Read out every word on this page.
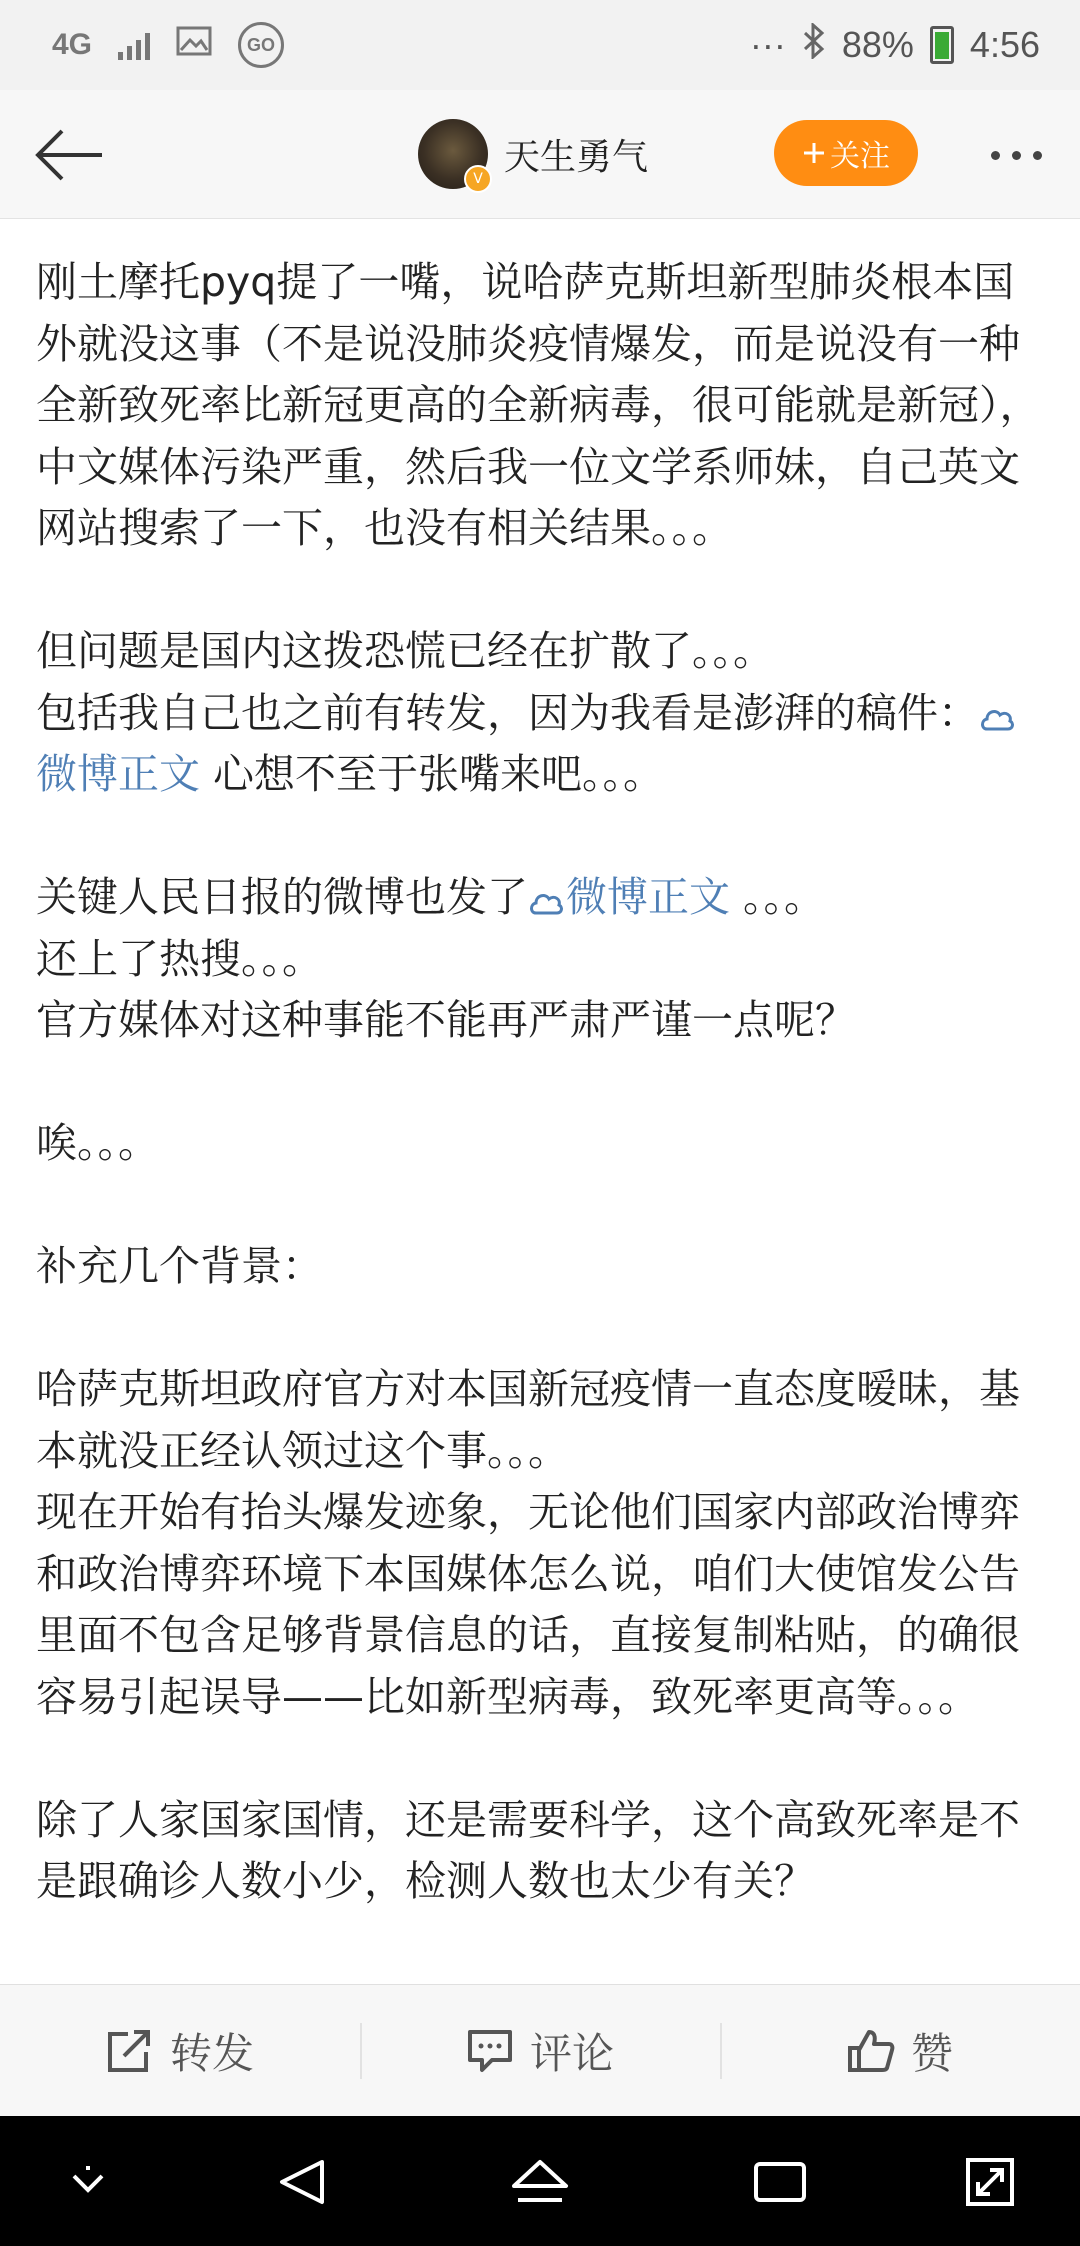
4G	GO	··· 88% 4:56
V
天生勇气	关注

刚土摩托pyq提了一嘴，说哈萨克斯坦新型肺炎根本国外就没这事（不是说没肺炎疫情爆发，而是说没有一种全新致死率比新冠更高的全新病毒，很可能就是新冠），中文媒体污染严重，然后我一位文学系师妹，自己英文网站搜索了一下，也没有相关结果。。。

但问题是国内这拨恐慌已经在扩散了。。。

包括我自己也之前有转发，因为我看是澎湃的稿件：微博正文 心想不至于张嘴来吧。。。

关键人民日报的微博也发了 微博正文 。。。

还上了热搜。。。

官方媒体对这种事能不能再严肃严谨一点呢？

唉。。。

补充几个背景：

哈萨克斯坦政府官方对本国新冠疫情一直态度暧昧，基本就没正经认领过这个事。。。

现在开始有抬头爆发迹象，无论他们国家内部政治博弈和政治博弈环境下本国媒体怎么说，咱们大使馆发公告里面不包含足够背景信息的话，直接复制粘贴，的确很容易引起误导——比如新型病毒，致死率更高等。。。

除了人家国家国情，还是需要科学，这个高致死率是不是跟确诊人数小少，检测人数也太少有关？

转发	评论	赞
